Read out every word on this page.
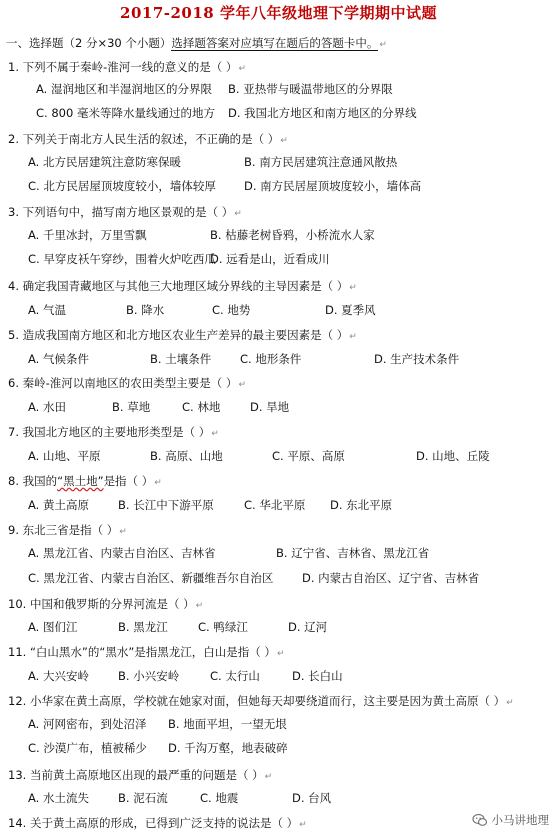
2017-2018 学年八年级地理下学期期中试题
一、选择题（2 分×30 个小题）选择题答案对应填写在题后的答题卡中。↵
1. 下列不属于秦岭-淮河一线的意义的是（ ）↵
A. 湿润地区和半湿润地区的分界限 B. 亚热带与暖温带地区的分界限
C. 800 毫米等降水量线通过的地方 D. 我国北方地区和南方地区的分界线
2. 下列关于南北方人民生活的叙述，不正确的是（ ）↵
A. 北方民居建筑注意防寒保暖	B. 南方民居建筑注意通风散热
C. 北方民居屋顶坡度较小，墙体较厚 D. 南方民居屋顶坡度较小，墙体高
3. 下列语句中，描写南方地区景观的是（ ）↵
A. 千里冰封，万里雪飘	B. 枯藤老树昏鸦，小桥流水人家
C. 早穿皮袄午穿纱，围着火炉吃西瓜
D. 远看是山，近看成川
4. 确定我国青藏地区与其他三大地理区域分界线的主导因素是（ ）↵
A. 气温	B. 降水	C. 地势	D. 夏季风
5. 造成我国南方地区和北方地区农业生产差异的最主要因素是（ ）↵
A. 气候条件	B. 土壤条件	C. 地形条件	D. 生产技术条件
6. 秦岭-淮河以南地区的农田类型主要是（ ）↵
A. 水田	B. 草地	C. 林地	D. 旱地
7. 我国北方地区的主要地形类型是（ ）↵
A. 山地、平原	B. 高原、山地	C. 平原、高原	D. 山地、丘陵
8. 我国的“黑土地”是指（ ）↵
A. 黄土高原	B. 长江中下游平原	C. 华北平原 D. 东北平原
9. 东北三省是指（ ）↵
A. 黑龙江省、内蒙古自治区、吉林省	B. 辽宁省、吉林省、黑龙江省
C. 黑龙江省、内蒙古自治区、新疆维吾尔自治区 D. 内蒙古自治区、辽宁省、吉林省
10. 中国和俄罗斯的分界河流是（ ）↵
A. 图们江	B. 黑龙江	C. 鸭绿江	D. 辽河
11. “白山黑水”的“黑水”是指黑龙江，白山是指（ ）↵
A. 大兴安岭	B. 小兴安岭	C. 太行山	D. 长白山
12. 小华家在黄土高原，学校就在她家对面，但她每天却要绕道而行，这主要是因为黄土高原（ ）↵
A. 河网密布，到处沼泽 B. 地面平坦，一望无垠
C. 沙漠广布，植被稀少 D. 千沟万壑，地表破碎
13. 当前黄土高原地区出现的最严重的问题是（ ）↵
A. 水土流失	B. 泥石流	C. 地震	D. 台风
14. 关于黄土高原的形成，已得到广泛支持的说法是（ ）↵	小马讲地理
